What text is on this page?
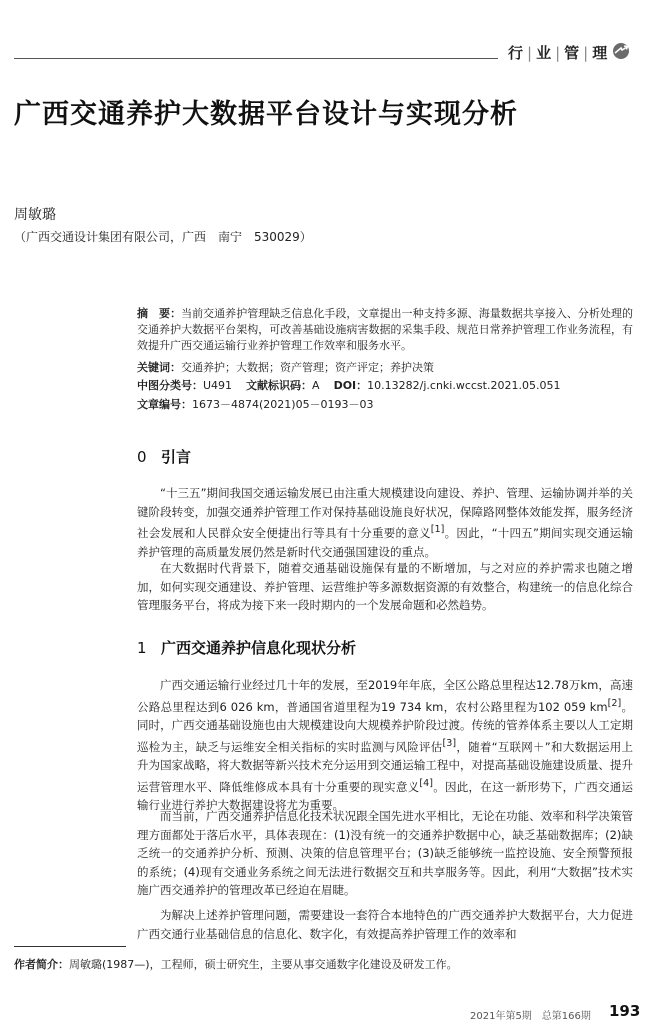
行 | 业 | 管 | 理
广西交通养护大数据平台设计与实现分析
周敏璐
（广西交通设计集团有限公司，广西　南宁　530029）
摘　要：当前交通养护管理缺乏信息化手段，文章提出一种支持多源、海量数据共享接入、分析处理的交通养护大数据平台架构，可改善基础设施病害数据的采集手段、规范日常养护管理工作业务流程，有效提升广西交通运输行业养护管理工作效率和服务水平。
关键词：交通养护；大数据；资产管理；资产评定；养护决策
中图分类号：U491 文献标识码：A DOI：10.13282/j.cnki.wccst.2021.05.051
文章编号：1673－4874(2021)05－0193－03
0 引言

“十三五”期间我国交通运输发展已由注重大规模建设向建设、养护、管理、运输协调并举的关键阶段转变，加强交通养护管理工作对保持基础设施良好状况，保障路网整体效能发挥，服务经济社会发展和人民群众安全便捷出行等具有十分重要的意义[1]。因此，“十四五”期间实现交通运输养护管理的高质量发展仍然是新时代交通强国建设的重点。

在大数据时代背景下，随着交通基础设施保有量的不断增加，与之对应的养护需求也随之增加，如何实现交通建设、养护管理、运营维护等多源数据资源的有效整合，构建统一的信息化综合管理服务平台，将成为接下来一段时期内的一个发展命题和必然趋势。

1 广西交通养护信息化现状分析

广西交通运输行业经过几十年的发展，至2019年年底，全区公路总里程达12.78万km，高速公路总里程达到6 026 km，普通国省道里程为19 734 km，农村公路里程为102 059 km[2]。同时，广西交通基础设施也由大规模建设向大规模养护阶段过渡。传统的管养体系主要以人工定期巡检为主，缺乏与运维安全相关指标的实时监测与风险评估[3]，随着“互联网＋”和大数据运用上升为国家战略，将大数据等新兴技术充分运用到交通运输工程中，对提高基础设施建设质量、提升运营管理水平、降低维修成本具有十分重要的现实意义[4]。因此，在这一新形势下，广西交通运输行业进行养护大数据建设将尤为重要。

而当前，广西交通养护信息化技术状况跟全国先进水平相比，无论在功能、效率和科学决策管理方面都处于落后水平，具体表现在：(1)没有统一的交通养护数据中心，缺乏基础数据库；(2)缺乏统一的交通养护分析、预测、决策的信息管理平台；(3)缺乏能够统一监控设施、安全预警预报的系统；(4)现有交通业务系统之间无法进行数据交互和共享服务等。因此，利用“大数据”技术实施广西交通养护的管理改革已经迫在眉睫。

为解决上述养护管理问题，需要建设一套符合本地特色的广西交通养护大数据平台，大力促进广西交通行业基础信息的信息化、数字化，有效提高养护管理工作的效率和

作者简介：周敏璐(1987—)，工程师，硕士研究生，主要从事交通数字化建设及研发工作。
2021年第5期　总第166期 193
